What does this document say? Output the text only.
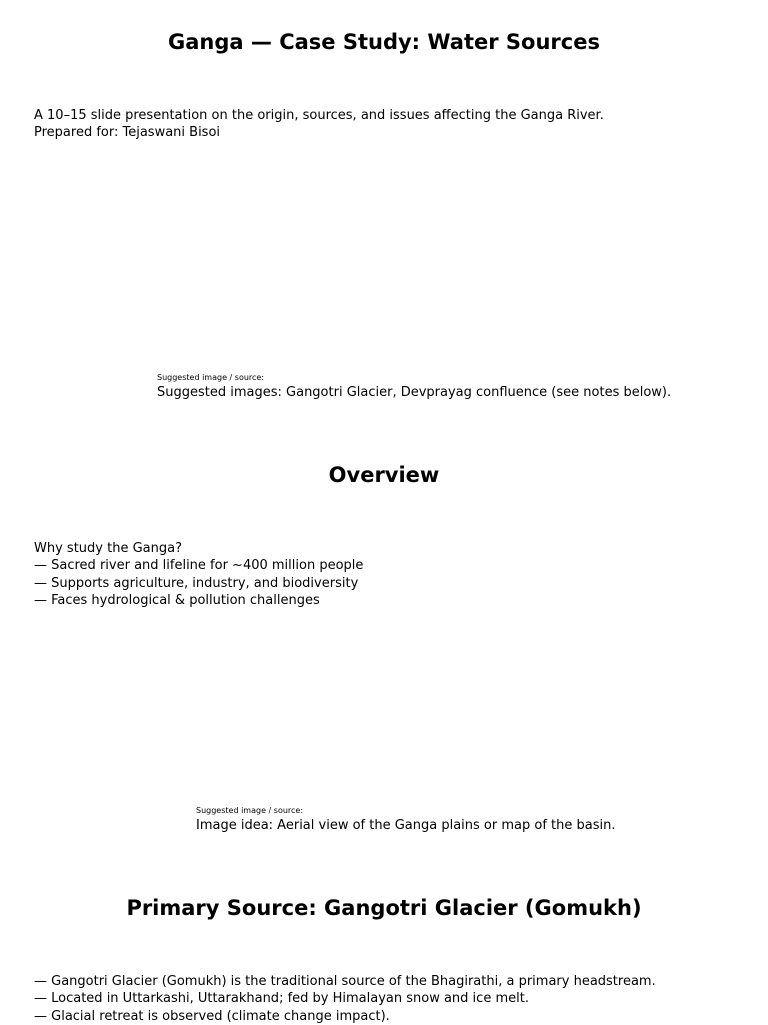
Ganga — Case Study: Water Sources
A 10–15 slide presentation on the origin, sources, and issues affecting the Ganga River.
Prepared for: Tejaswani Bisoi
Suggested image / source:
Suggested images: Gangotri Glacier, Devprayag confluence (see notes below).
Overview
Why study the Ganga?
— Sacred river and lifeline for ~400 million people
— Supports agriculture, industry, and biodiversity
— Faces hydrological & pollution challenges
Suggested image / source:
Image idea: Aerial view of the Ganga plains or map of the basin.
Primary Source: Gangotri Glacier (Gomukh)
— Gangotri Glacier (Gomukh) is the traditional source of the Bhagirathi, a primary headstream.
— Located in Uttarkashi, Uttarakhand; fed by Himalayan snow and ice melt.
— Glacial retreat is observed (climate change impact).
